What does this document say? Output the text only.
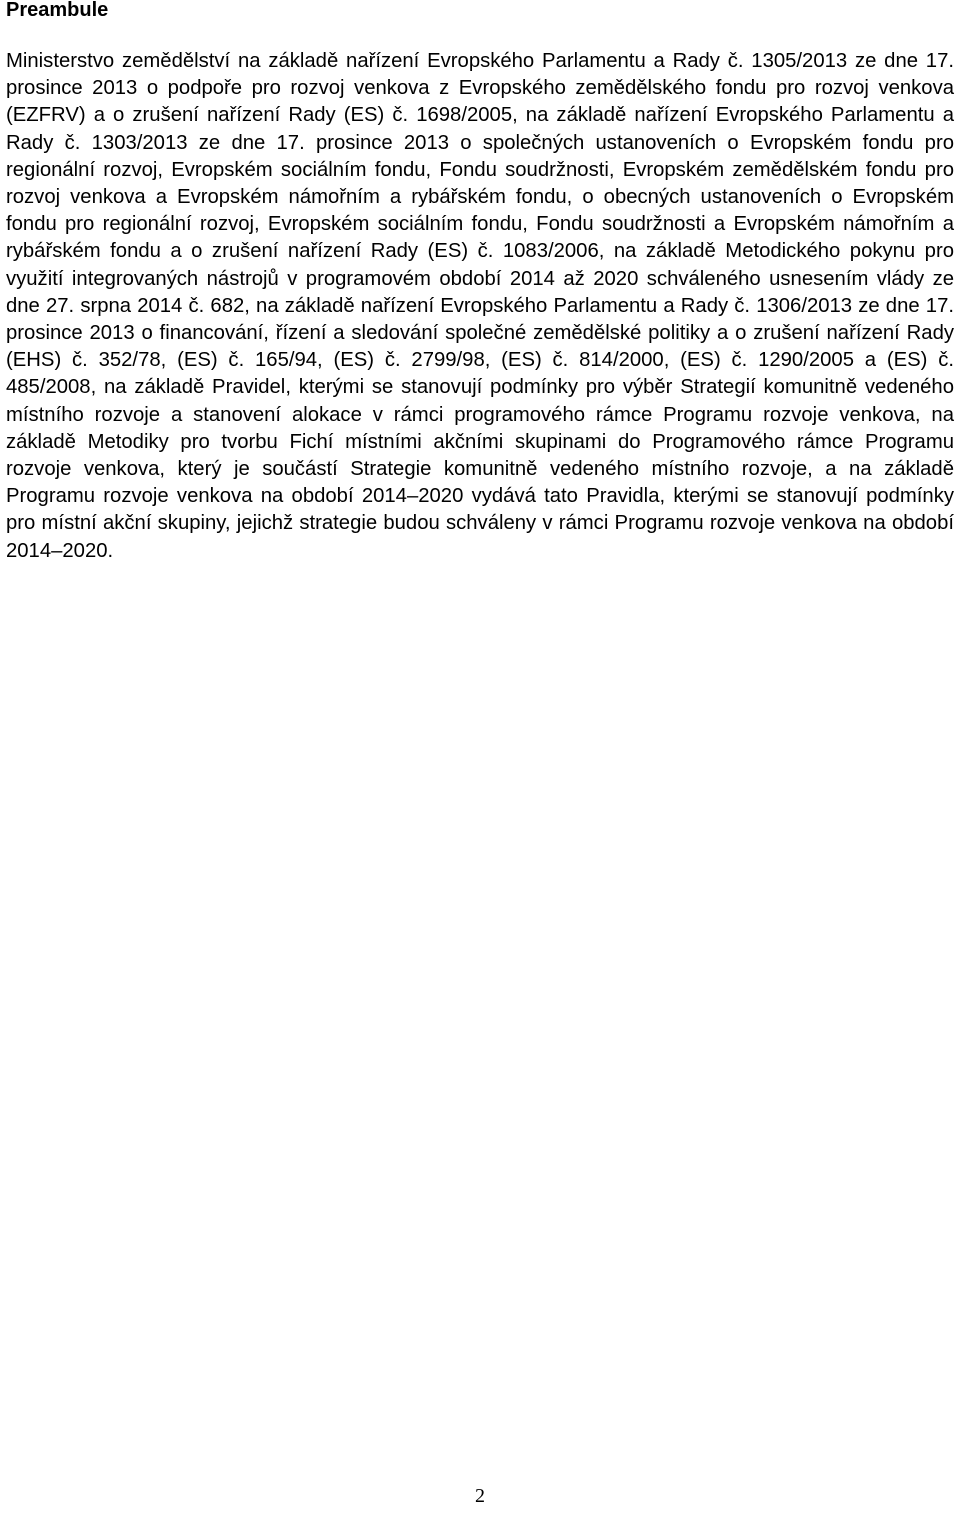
Preambule

Ministerstvo zemědělství na základě nařízení Evropského Parlamentu a Rady č. 1305/2013 ze dne 17. prosince 2013 o podpoře pro rozvoj venkova z Evropského zemědělského fondu pro rozvoj venkova (EZFRV) a o zrušení nařízení Rady (ES) č. 1698/2005, na základě nařízení Evropského Parlamentu a Rady č. 1303/2013 ze dne 17. prosince 2013 o společných ustanoveních o Evropském fondu pro regionální rozvoj, Evropském sociálním fondu, Fondu soudržnosti, Evropském zemědělském fondu pro rozvoj venkova a Evropském námořním a rybářském fondu, o obecných ustanoveních o Evropském fondu pro regionální rozvoj, Evropském sociálním fondu, Fondu soudržnosti a Evropském námořním a rybářském fondu a o zrušení nařízení Rady (ES) č. 1083/2006, na základě Metodického pokynu pro využití integrovaných nástrojů v programovém období 2014 až 2020 schváleného usnesením vlády ze dne 27. srpna 2014 č. 682, na základě nařízení Evropského Parlamentu a Rady č. 1306/2013 ze dne 17. prosince 2013 o financování, řízení a sledování společné zemědělské politiky a o zrušení nařízení Rady (EHS) č. 352/78, (ES) č. 165/94, (ES) č. 2799/98, (ES) č. 814/2000, (ES) č. 1290/2005 a (ES) č. 485/2008, na základě Pravidel, kterými se stanovují podmínky pro výběr Strategií komunitně vedeného místního rozvoje a stanovení alokace v rámci programového rámce Programu rozvoje venkova, na základě Metodiky pro tvorbu Fichí místními akčními skupinami do Programového rámce Programu rozvoje venkova, který je součástí Strategie komunitně vedeného místního rozvoje, a na základě Programu rozvoje venkova na období 2014–2020 vydává tato Pravidla, kterými se stanovují podmínky pro místní akční skupiny, jejichž strategie budou schváleny v rámci Programu rozvoje venkova na období 2014–2020.

2
